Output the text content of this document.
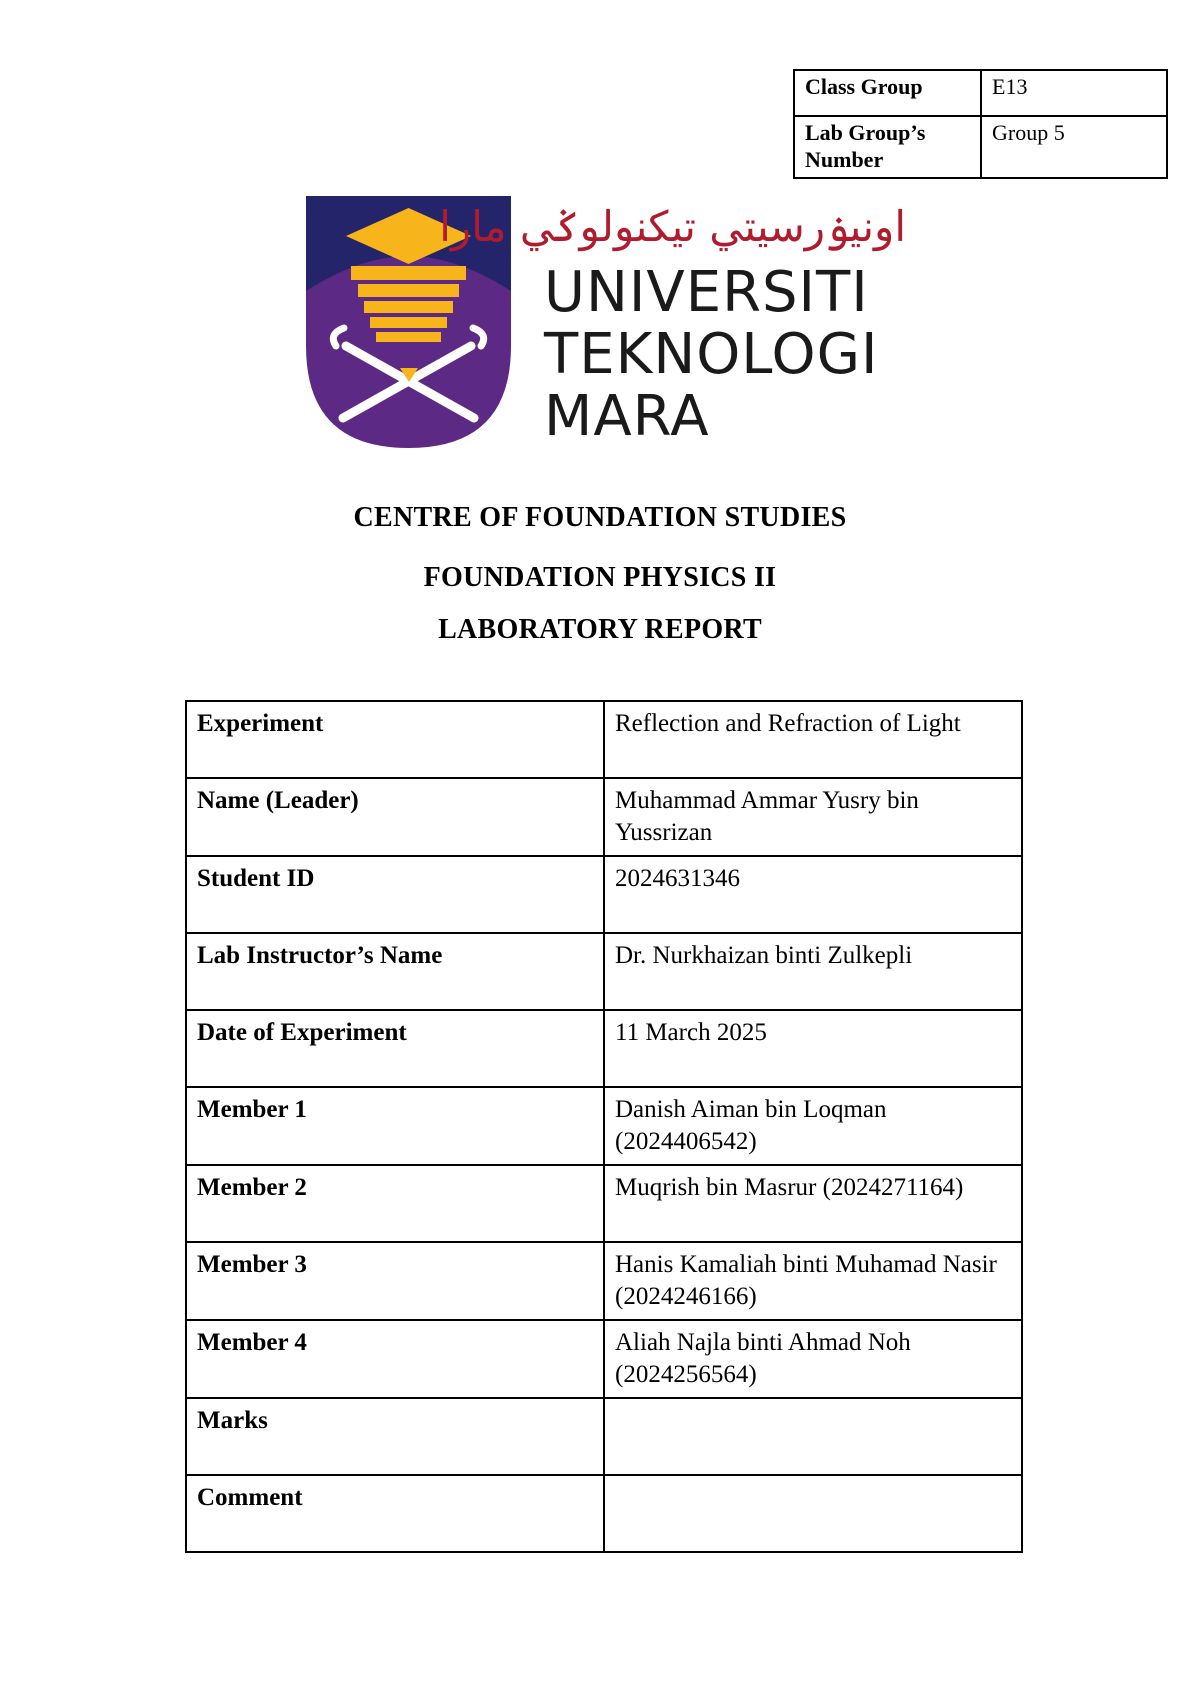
Class Group	E13
Lab Group’s Number	Group 5
اونيۏرسيتي تيكنولوݢي مارا
UNIVERSITI
TEKNOLOGI
MARA
CENTRE OF FOUNDATION STUDIES
FOUNDATION PHYSICS II
LABORATORY REPORT
Experiment	Reflection and Refraction of Light
Name (Leader)	Muhammad Ammar Yusry bin Yussrizan
Student ID	2024631346
Lab Instructor’s Name	Dr. Nurkhaizan binti Zulkepli
Date of Experiment	11 March 2025
Member 1	Danish Aiman bin Loqman (2024406542)
Member 2	Muqrish bin Masrur (2024271164)
Member 3	Hanis Kamaliah binti Muhamad Nasir (2024246166)
Member 4	Aliah Najla binti Ahmad Noh (2024256564)
Marks	
Comment	
